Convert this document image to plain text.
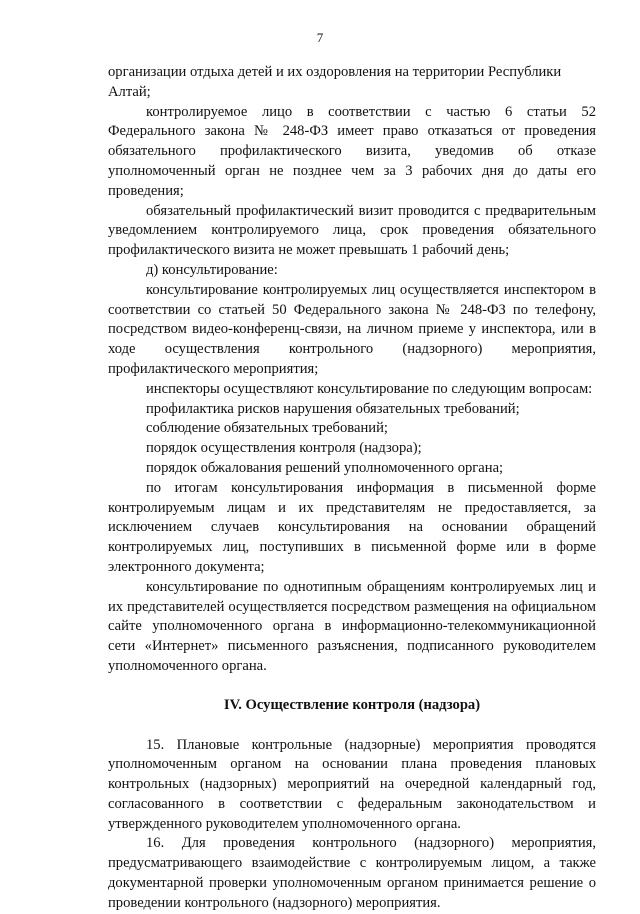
7

организации отдыха детей и их оздоровления на территории Республики Алтай;

контролируемое лицо в соответствии с частью 6 статьи 52 Федерального закона № 248-ФЗ имеет право отказаться от проведения обязательного профилактического визита, уведомив об отказе уполномоченный орган не позднее чем за 3 рабочих дня до даты его проведения;

обязательный профилактический визит проводится с предварительным уведомлением контролируемого лица, срок проведения обязательного профилактического визита не может превышать 1 рабочий день;

д) консультирование:

консультирование контролируемых лиц осуществляется инспектором в соответствии со статьей 50 Федерального закона № 248-ФЗ по телефону, посредством видео-конференц-связи, на личном приеме у инспектора, или в ходе осуществления контрольного (надзорного) мероприятия, профилактического мероприятия;

инспекторы осуществляют консультирование по следующим вопросам:

профилактика рисков нарушения обязательных требований;

соблюдение обязательных требований;

порядок осуществления контроля (надзора);

порядок обжалования решений уполномоченного органа;

по итогам консультирования информация в письменной форме контролируемым лицам и их представителям не предоставляется, за исключением случаев консультирования на основании обращений контролируемых лиц, поступивших в письменной форме или в форме электронного документа;

консультирование по однотипным обращениям контролируемых лиц и их представителей осуществляется посредством размещения на официальном сайте уполномоченного органа в информационно-телекоммуникационной сети «Интернет» письменного разъяснения, подписанного руководителем уполномоченного органа.

IV. Осуществление контроля (надзора)

15. Плановые контрольные (надзорные) мероприятия проводятся уполномоченным органом на основании плана проведения плановых контрольных (надзорных) мероприятий на очередной календарный год, согласованного в соответствии с федеральным законодательством и утвержденного руководителем уполномоченного органа.

16. Для проведения контрольного (надзорного) мероприятия, предусматривающего взаимодействие с контролируемым лицом, а также документарной проверки уполномоченным органом принимается решение о проведении контрольного (надзорного) мероприятия.
